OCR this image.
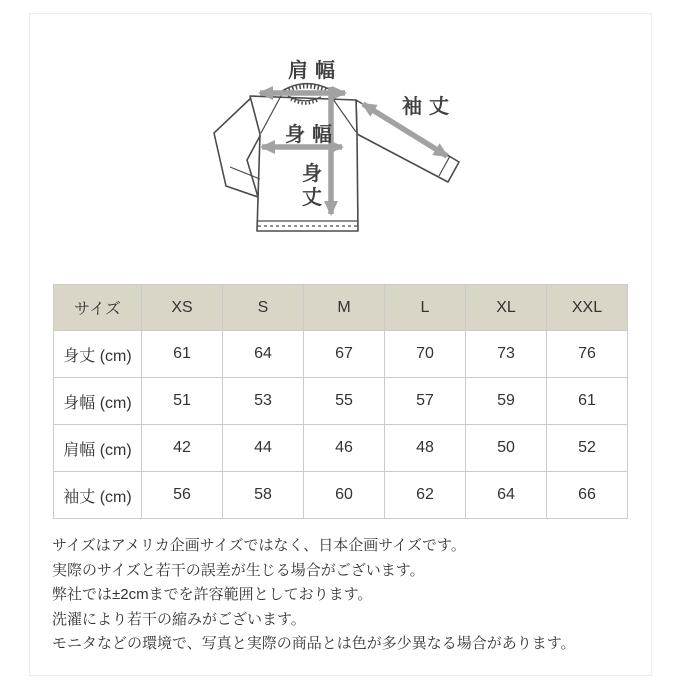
肩幅
袖丈
身幅
身
丈
サイズ	XS	S	M	L	XL	XXL
身丈 (cm)	61	64	67	70	73	76
身幅 (cm)	51	53	55	57	59	61
肩幅 (cm)	42	44	46	48	50	52
袖丈 (cm)	56	58	60	62	64	66

サイズはアメリカ企画サイズではなく、日本企画サイズです。

実際のサイズと若干の誤差が生じる場合がございます。

弊社では±2cmまでを許容範囲としております。

洗濯により若干の縮みがございます。

モニタなどの環境で、写真と実際の商品とは色が多少異なる場合があります。
